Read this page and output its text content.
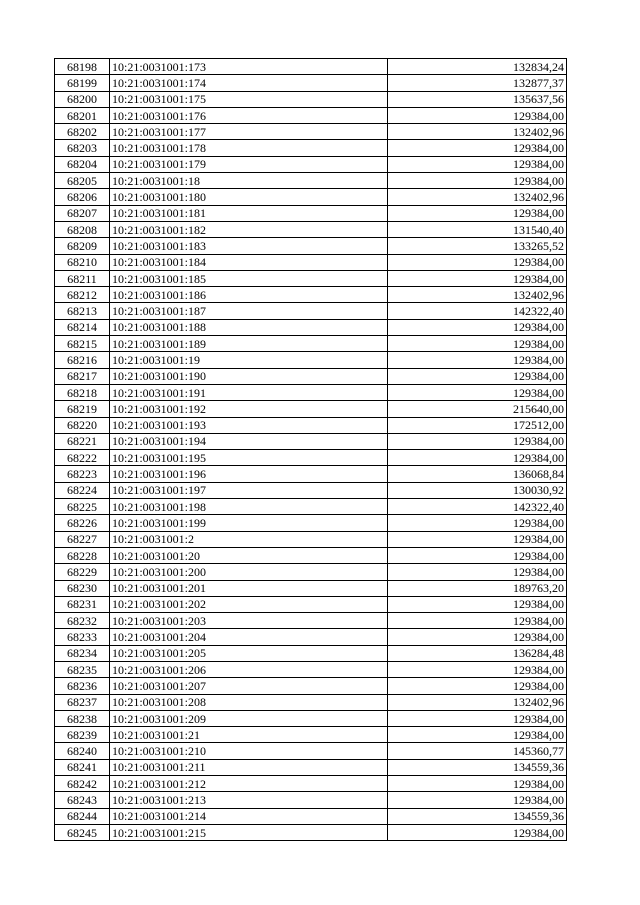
68198	10:21:0031001:173	132834,24
68199	10:21:0031001:174	132877,37
68200	10:21:0031001:175	135637,56
68201	10:21:0031001:176	129384,00
68202	10:21:0031001:177	132402,96
68203	10:21:0031001:178	129384,00
68204	10:21:0031001:179	129384,00
68205	10:21:0031001:18	129384,00
68206	10:21:0031001:180	132402,96
68207	10:21:0031001:181	129384,00
68208	10:21:0031001:182	131540,40
68209	10:21:0031001:183	133265,52
68210	10:21:0031001:184	129384,00
68211	10:21:0031001:185	129384,00
68212	10:21:0031001:186	132402,96
68213	10:21:0031001:187	142322,40
68214	10:21:0031001:188	129384,00
68215	10:21:0031001:189	129384,00
68216	10:21:0031001:19	129384,00
68217	10:21:0031001:190	129384,00
68218	10:21:0031001:191	129384,00
68219	10:21:0031001:192	215640,00
68220	10:21:0031001:193	172512,00
68221	10:21:0031001:194	129384,00
68222	10:21:0031001:195	129384,00
68223	10:21:0031001:196	136068,84
68224	10:21:0031001:197	130030,92
68225	10:21:0031001:198	142322,40
68226	10:21:0031001:199	129384,00
68227	10:21:0031001:2	129384,00
68228	10:21:0031001:20	129384,00
68229	10:21:0031001:200	129384,00
68230	10:21:0031001:201	189763,20
68231	10:21:0031001:202	129384,00
68232	10:21:0031001:203	129384,00
68233	10:21:0031001:204	129384,00
68234	10:21:0031001:205	136284,48
68235	10:21:0031001:206	129384,00
68236	10:21:0031001:207	129384,00
68237	10:21:0031001:208	132402,96
68238	10:21:0031001:209	129384,00
68239	10:21:0031001:21	129384,00
68240	10:21:0031001:210	145360,77
68241	10:21:0031001:211	134559,36
68242	10:21:0031001:212	129384,00
68243	10:21:0031001:213	129384,00
68244	10:21:0031001:214	134559,36
68245	10:21:0031001:215	129384,00
